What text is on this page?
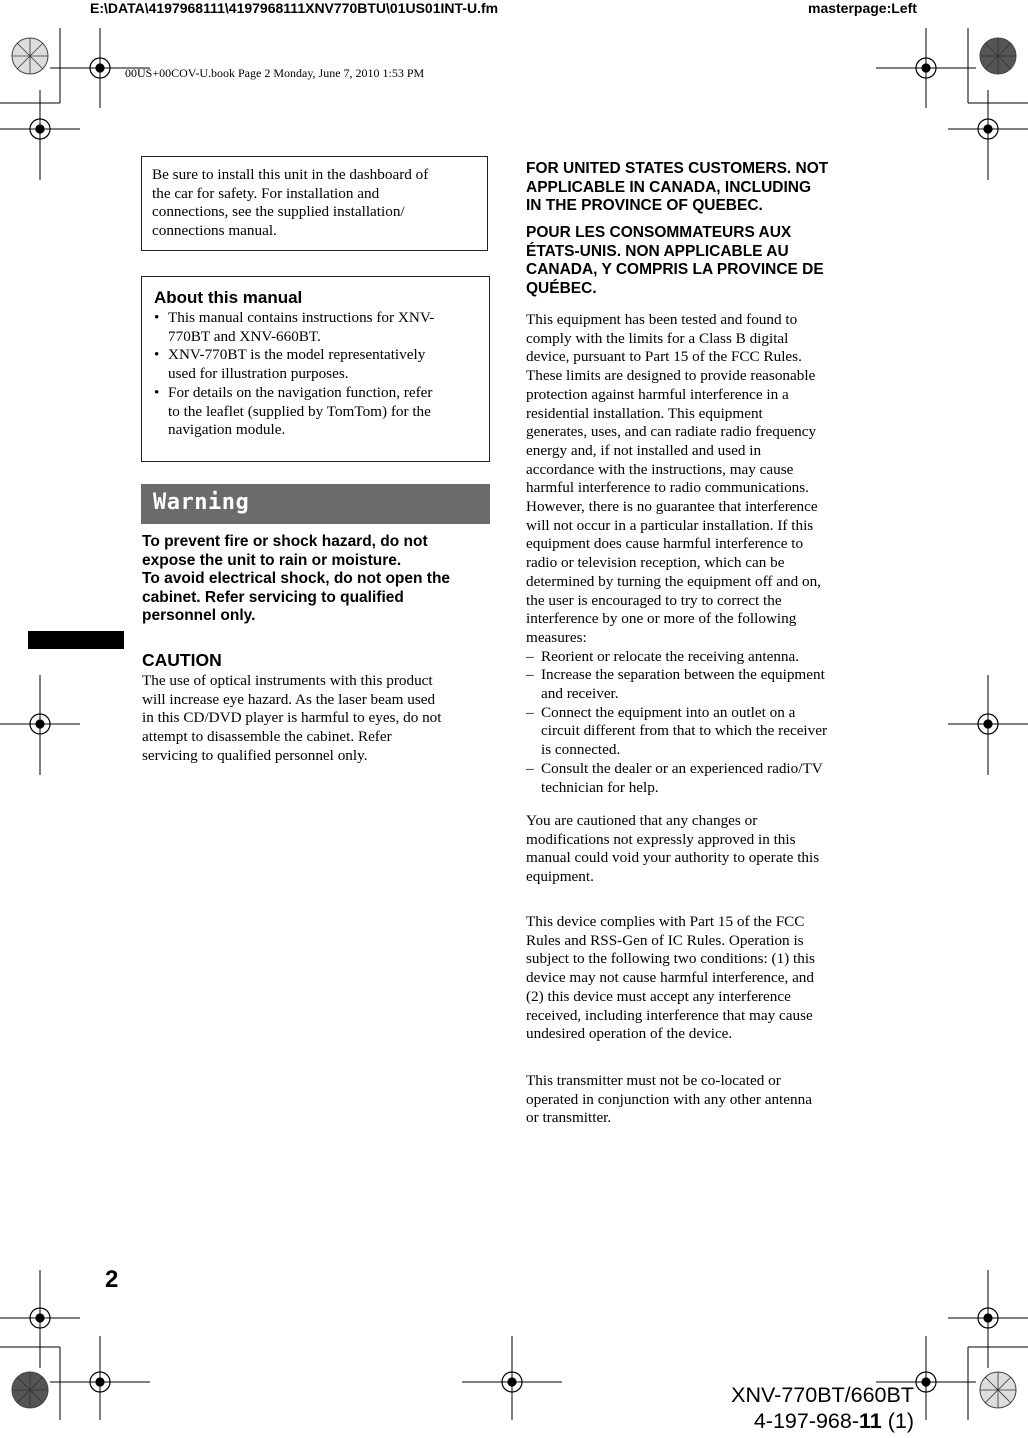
E:\DATA\4197968111\4197968111XNV770BTU\01US01INT-U.fm	masterpage:Left
00US+00COV-U.book Page 2 Monday, June 7, 2010 1:53 PM
Be sure to install this unit in the dashboard of
the car for safety. For installation and
connections, see the supplied installation/
connections manual.
About this manual
• This manual contains instructions for XNV-
770BT and XNV-660BT.
• XNV-770BT is the model representatively
used for illustration purposes.
• For details on the navigation function, refer
to the leaflet (supplied by TomTom) for the
navigation module.
Warning
To prevent fire or shock hazard, do not
expose the unit to rain or moisture.
To avoid electrical shock, do not open the
cabinet. Refer servicing to qualified
personnel only.
CAUTION
The use of optical instruments with this product
will increase eye hazard. As the laser beam used
in this CD/DVD player is harmful to eyes, do not
attempt to disassemble the cabinet. Refer
servicing to qualified personnel only.
FOR UNITED STATES CUSTOMERS. NOT
APPLICABLE IN CANADA, INCLUDING
IN THE PROVINCE OF QUEBEC.
POUR LES CONSOMMATEURS AUX
ÉTATS-UNIS. NON APPLICABLE AU
CANADA, Y COMPRIS LA PROVINCE DE
QUÉBEC.
This equipment has been tested and found to
comply with the limits for a Class B digital
device, pursuant to Part 15 of the FCC Rules.
These limits are designed to provide reasonable
protection against harmful interference in a
residential installation. This equipment
generates, uses, and can radiate radio frequency
energy and, if not installed and used in
accordance with the instructions, may cause
harmful interference to radio communications.
However, there is no guarantee that interference
will not occur in a particular installation. If this
equipment does cause harmful interference to
radio or television reception, which can be
determined by turning the equipment off and on,
the user is encouraged to try to correct the
interference by one or more of the following
measures:
– Reorient or relocate the receiving antenna.
– Increase the separation between the equipment
and receiver.
– Connect the equipment into an outlet on a
circuit different from that to which the receiver
is connected.
– Consult the dealer or an experienced radio/TV
technician for help.
You are cautioned that any changes or
modifications not expressly approved in this
manual could void your authority to operate this
equipment.
This device complies with Part 15 of the FCC
Rules and RSS-Gen of IC Rules. Operation is
subject to the following two conditions: (1) this
device may not cause harmful interference, and
(2) this device must accept any interference
received, including interference that may cause
undesired operation of the device.
This transmitter must not be co-located or
operated in conjunction with any other antenna
or transmitter.
2
XNV-770BT/660BT
4-197-968-11 (1)
